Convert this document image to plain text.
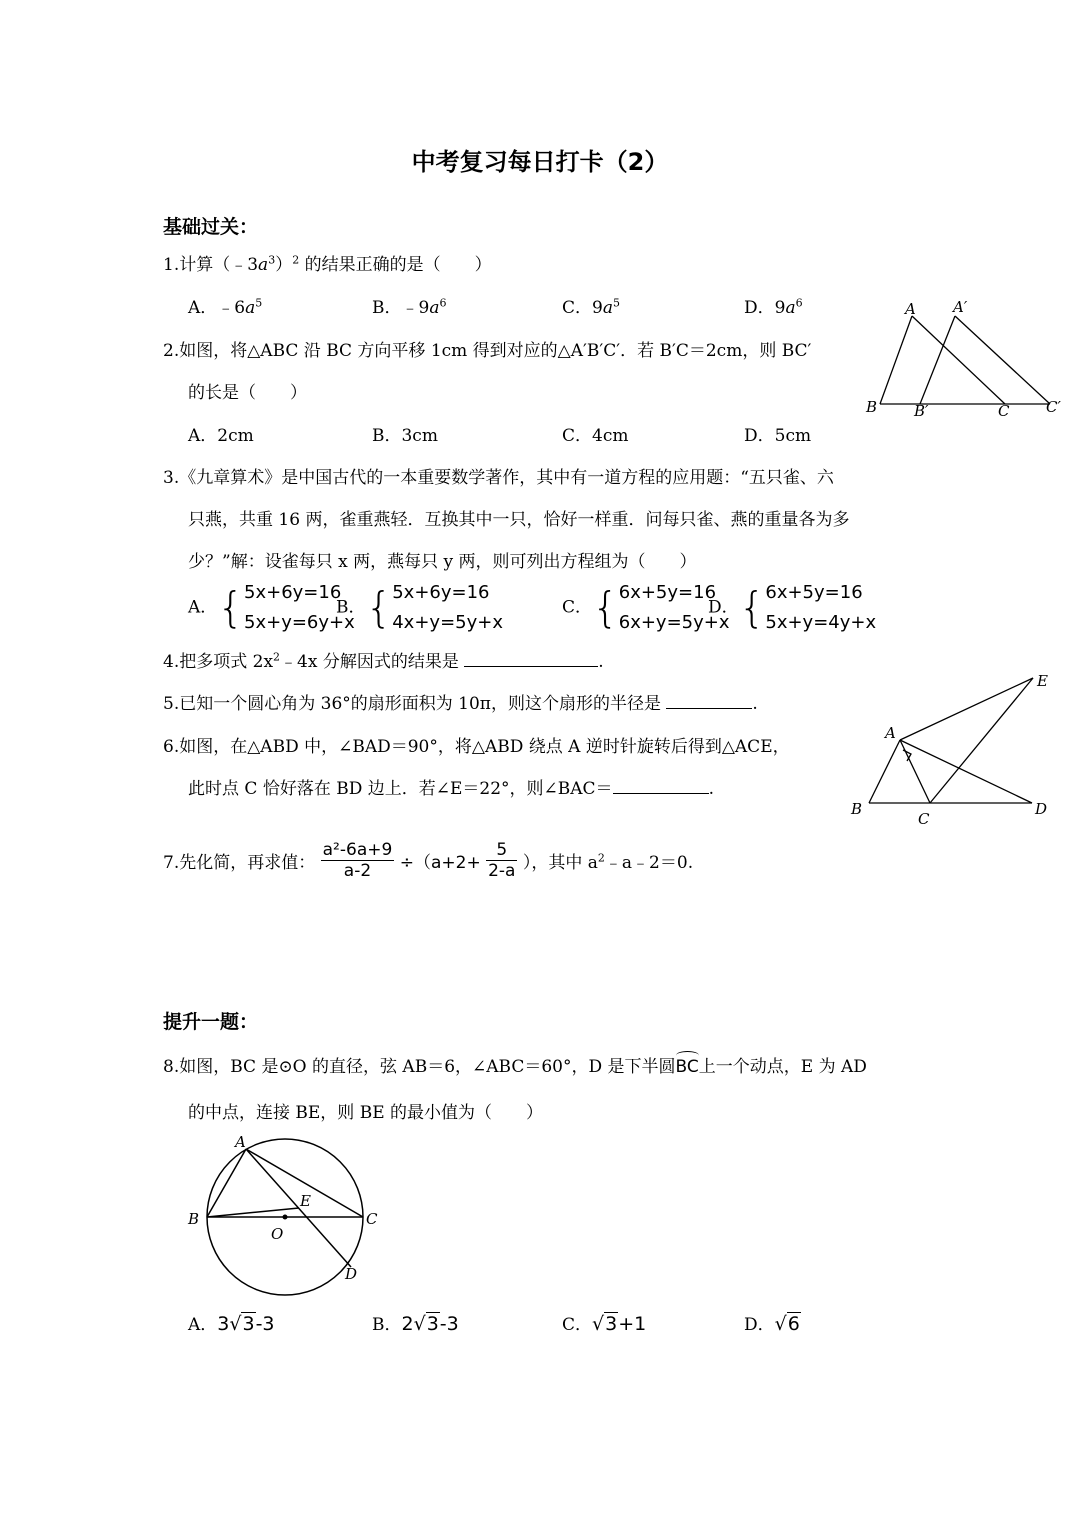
中考复习每日打卡（2）
基础过关：
1.计算$(﹣3a^3)^2$ 的结果正确的是（　　）
A．$﹣6a^5$	B．$﹣9a^6$	C．$9a^5$	D．$9a^6$
2.如图，将△ABC 沿 BC 方向平移 1cm 得到对应的△A′B′C′．若 B′C＝2cm，则 BC′
的长是（　　）
A．2cm	B．3cm	C．4cm	D．5cm
B B′	C C′
A A′
3.《九章算术》是中国古代的一本重要数学著作，其中有一道方程的应用题：“五只雀、六
只燕，共重 16 两，雀重燕轻．互换其中一只，恰好一样重．问每只雀、燕的重量各为多
少？”解：设雀每只 x 两，燕每只 y 两，则可列出方程组为（　　）
A．{5x+6y=16
5x+y=6y+x
B．{5x+6y=16
4x+y=5y+x
C．{6x+5y=16
6x+y=5y+x
D．{6x+5y=16
5x+y=4y+x
4.把多项式 $2x^2﹣4x$ 分解因式的结果是	.
5.已知一个圆心角为 36°的扇形面积为 10π，则这个扇形的半径是	.
6.如图，在△ABD 中，∠BAD＝90°，将△ABD 绕点 A 逆时针旋转后得到△ACE，
此时点 C 恰好落在 BD 边上．若∠E＝22°，则∠BAC＝	.
A
B
C
D
E
7.先化简，再求值： $\frac{\text{a²-6a+9}}{a-2} \div(a+2+ \frac{5}{2-a}$ ），其中 $a^2﹣a﹣2=0$.
提升一题：
8.如图，BC 是⊙O 的直径，弦 AB＝6，∠ABC＝60°，D 是下半圆
BC上一个动点，E 为 AD
的中点，连接 BE，则 BE 的最小值为（　　）
A
B	C
D
E
O
A．3√3-3	B．2√3-3	C．√3+1	D．√6
